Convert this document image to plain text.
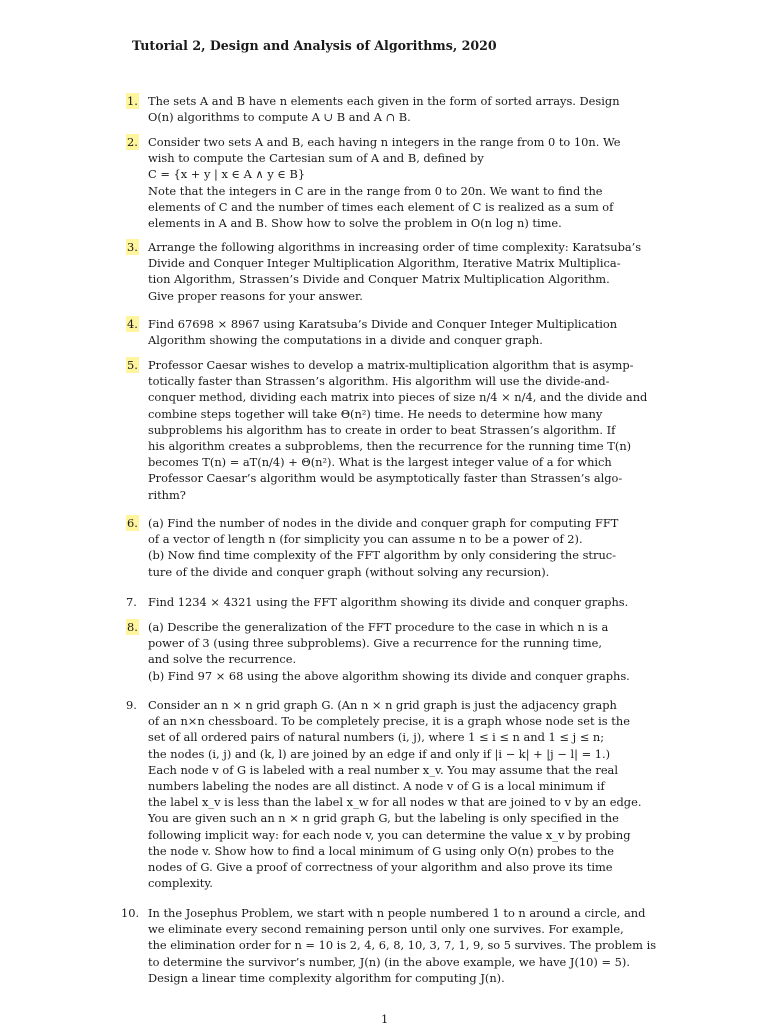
Tutorial 2, Design and Analysis of Algorithms, 2020
1. The sets A and B have n elements each given in the form of sorted arrays. Design
O(n) algorithms to compute A ∪ B and A ∩ B.
2. Consider two sets A and B, each having n integers in the range from 0 to 10n. We
wish to compute the Cartesian sum of A and B, defined by
C = {x + y | x ∈ A ∧ y ∈ B}
Note that the integers in C are in the range from 0 to 20n. We want to find the
elements of C and the number of times each element of C is realized as a sum of
elements in A and B. Show how to solve the problem in O(n log n) time.
3. Arrange the following algorithms in increasing order of time complexity: Karatsuba’s
Divide and Conquer Integer Multiplication Algorithm, Iterative Matrix Multiplica-
tion Algorithm, Strassen’s Divide and Conquer Matrix Multiplication Algorithm.
Give proper reasons for your answer.
4. Find 67698 × 8967 using Karatsuba’s Divide and Conquer Integer Multiplication
Algorithm showing the computations in a divide and conquer graph.
5. Professor Caesar wishes to develop a matrix-multiplication algorithm that is asymp-
totically faster than Strassen’s algorithm. His algorithm will use the divide-and-
conquer method, dividing each matrix into pieces of size n/4 × n/4, and the divide and
combine steps together will take Θ(n²) time. He needs to determine how many
subproblems his algorithm has to create in order to beat Strassen’s algorithm. If
his algorithm creates a subproblems, then the recurrence for the running time T(n)
becomes T(n) = aT(n/4) + Θ(n²). What is the largest integer value of a for which
Professor Caesar’s algorithm would be asymptotically faster than Strassen’s algo-
rithm?
6. (a) Find the number of nodes in the divide and conquer graph for computing FFT
of a vector of length n (for simplicity you can assume n to be a power of 2).
(b) Now find time complexity of the FFT algorithm by only considering the struc-
ture of the divide and conquer graph (without solving any recursion).
7. Find 1234 × 4321 using the FFT algorithm showing its divide and conquer graphs.
8. (a) Describe the generalization of the FFT procedure to the case in which n is a
power of 3 (using three subproblems). Give a recurrence for the running time,
and solve the recurrence.
(b) Find 97 × 68 using the above algorithm showing its divide and conquer graphs.
9. Consider an n × n grid graph G. (An n × n grid graph is just the adjacency graph
of an n×n chessboard. To be completely precise, it is a graph whose node set is the
set of all ordered pairs of natural numbers (i, j), where 1 ≤ i ≤ n and 1 ≤ j ≤ n;
the nodes (i, j) and (k, l) are joined by an edge if and only if |i − k| + |j − l| = 1.)
Each node v of G is labeled with a real number x_v. You may assume that the real
numbers labeling the nodes are all distinct. A node v of G is a local minimum if
the label x_v is less than the label x_w for all nodes w that are joined to v by an edge.
You are given such an n × n grid graph G, but the labeling is only specified in the
following implicit way: for each node v, you can determine the value x_v by probing
the node v. Show how to find a local minimum of G using only O(n) probes to the
nodes of G. Give a proof of correctness of your algorithm and also prove its time
complexity.
10. In the Josephus Problem, we start with n people numbered 1 to n around a circle, and
we eliminate every second remaining person until only one survives. For example,
the elimination order for n = 10 is 2, 4, 6, 8, 10, 3, 7, 1, 9, so 5 survives. The problem is
to determine the survivor’s number, J(n) (in the above example, we have J(10) = 5).
Design a linear time complexity algorithm for computing J(n).
1
